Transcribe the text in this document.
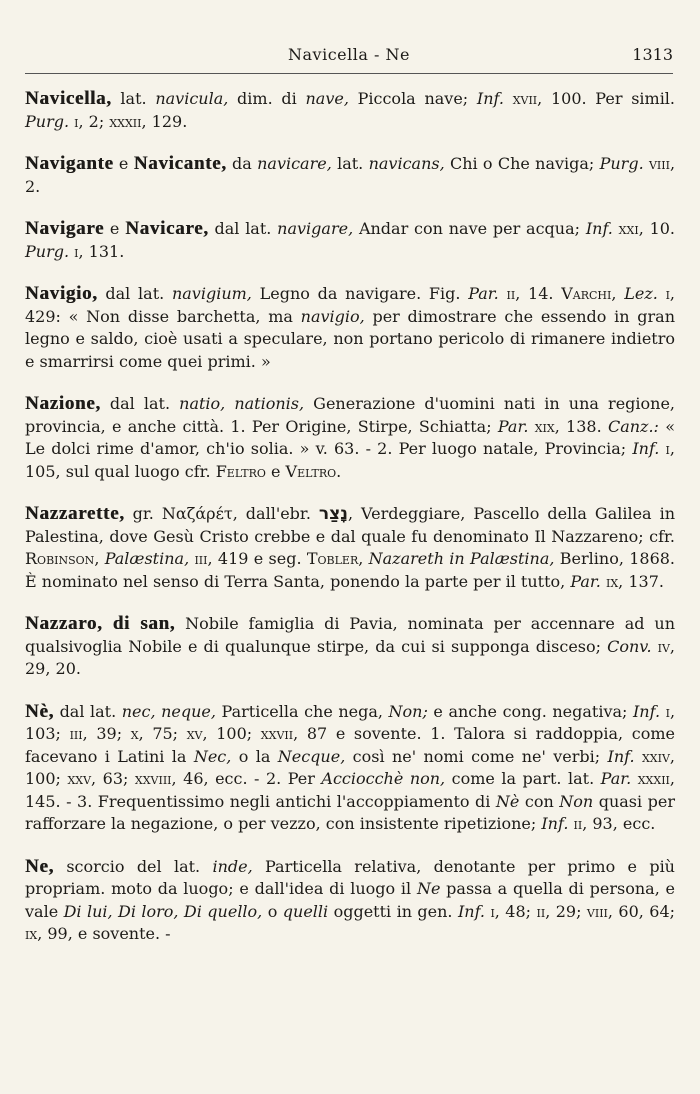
Navicella - Ne	1313

Navicella, lat. navicula, dim. di nave, Piccola nave; Inf. xvii, 100. Per simil. Purg. i, 2; xxxii, 129.

Navigante e Navicante, da navicare, lat. navicans, Chi o Che naviga; Purg. viii, 2.

Navigare e Navicare, dal lat. navigare, Andar con nave per acqua; Inf. xxi, 10. Purg. i, 131.

Navigio, dal lat. navigium, Legno da navigare. Fig. Par. ii, 14. Varchi, Lez. i, 429: « Non disse barchetta, ma navigio, per dimostrare che essendo in gran legno e saldo, cioè usati a speculare, non portano pericolo di rimanere indietro e smarrirsi come quei primi. »

Nazione, dal lat. natio, nationis, Generazione d'uomini nati in una regione, provincia, e anche città. 1. Per Origine, Stirpe, Schiatta; Par. xix, 138. Canz.: « Le dolci rime d'amor, ch'io solia. » v. 63. - 2. Per luogo natale, Provincia; Inf. i, 105, sul qual luogo cfr. Feltro e Veltro.

Nazzarette, gr. Ναζάρέτ, dall'ebr. נָצַר, Verdeggiare, Pascello della Galilea in Palestina, dove Gesù Cristo crebbe e dal quale fu denominato Il Nazzareno; cfr. Robinson, Palæstina, iii, 419 e seg. Tobler, Nazareth in Palæstina, Berlino, 1868. È nominato nel senso di Terra Santa, ponendo la parte per il tutto, Par. ix, 137.

Nazzaro, di san, Nobile famiglia di Pavia, nominata per accennare ad un qualsivoglia Nobile e di qualunque stirpe, da cui si supponga disceso; Conv. iv, 29, 20.

Nè, dal lat. nec, neque, Particella che nega, Non; e anche cong. negativa; Inf. i, 103; iii, 39; x, 75; xv, 100; xxvii, 87 e sovente. 1. Talora si raddoppia, come facevano i Latini la Nec, o la Necque, così ne' nomi come ne' verbi; Inf. xxiv, 100; xxv, 63; xxviii, 46, ecc. - 2. Per Acciocchè non, come la part. lat. Par. xxxii, 145. - 3. Frequentissimo negli antichi l'accoppiamento di Nè con Non quasi per rafforzare la negazione, o per vezzo, con insistente ripetizione; Inf. ii, 93, ecc.

Ne, scorcio del lat. inde, Particella relativa, denotante per primo e più propriam. moto da luogo; e dall'idea di luogo il Ne passa a quella di persona, e vale Di lui, Di loro, Di quello, o quelli oggetti in gen. Inf. i, 48; ii, 29; viii, 60, 64; ix, 99, e sovente. -
